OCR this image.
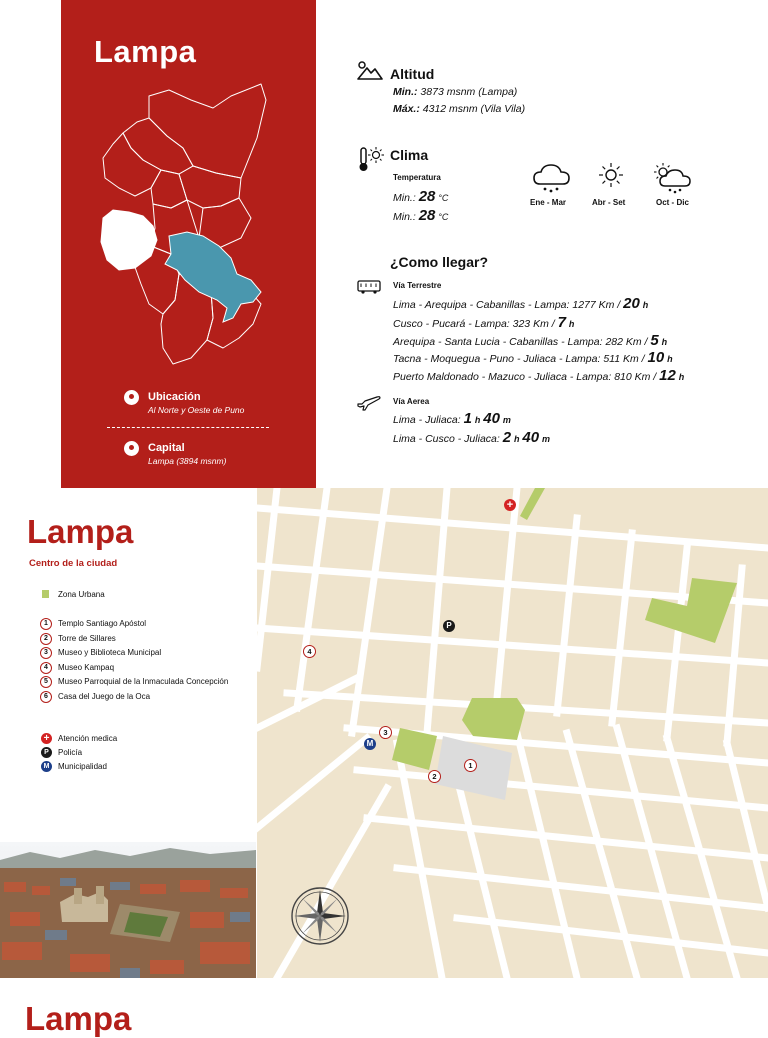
Lampa
Ubicación
Al Norte y Oeste de Puno
Capital
Lampa (3894 msnm)
Altitud
Min.: 3873 msnm (Lampa)
Máx.: 4312 msnm (Vila Vila)
Clima
Temperatura
Min.: 28 °C
Min.: 28 °C
Ene - Mar	Abr - Set	Oct - Dic
¿Como llegar?
Vía Terrestre
Lima - Arequipa - Cabanillas - Lampa: 1277 Km / 20 h
Cusco - Pucará - Lampa: 323 Km / 7 h
Arequipa - Santa Lucia - Cabanillas - Lampa: 282 Km / 5 h
Tacna - Moquegua - Puno - Juliaca - Lampa: 511 Km / 10 h
Puerto Maldonado - Mazuco - Juliaca - Lampa: 810 Km / 12 h
Vía Aerea
Lima - Juliaca: 1 h 40 m
Lima - Cusco - Juliaca: 2 h 40 m
1
2
3
4
P
M
+
Lampa
Centro de la ciudad
Zona Urbana
1	Templo Santiago Apóstol
2	Torre de Sillares
3	Museo y Biblioteca Municipal
4	Museo Kampaq
5	Museo Parroquial de la Inmaculada Concepción
6	Casa del Juego de la Oca
+	Atención medica
P	Policía
M	Municipalidad
Lampa
